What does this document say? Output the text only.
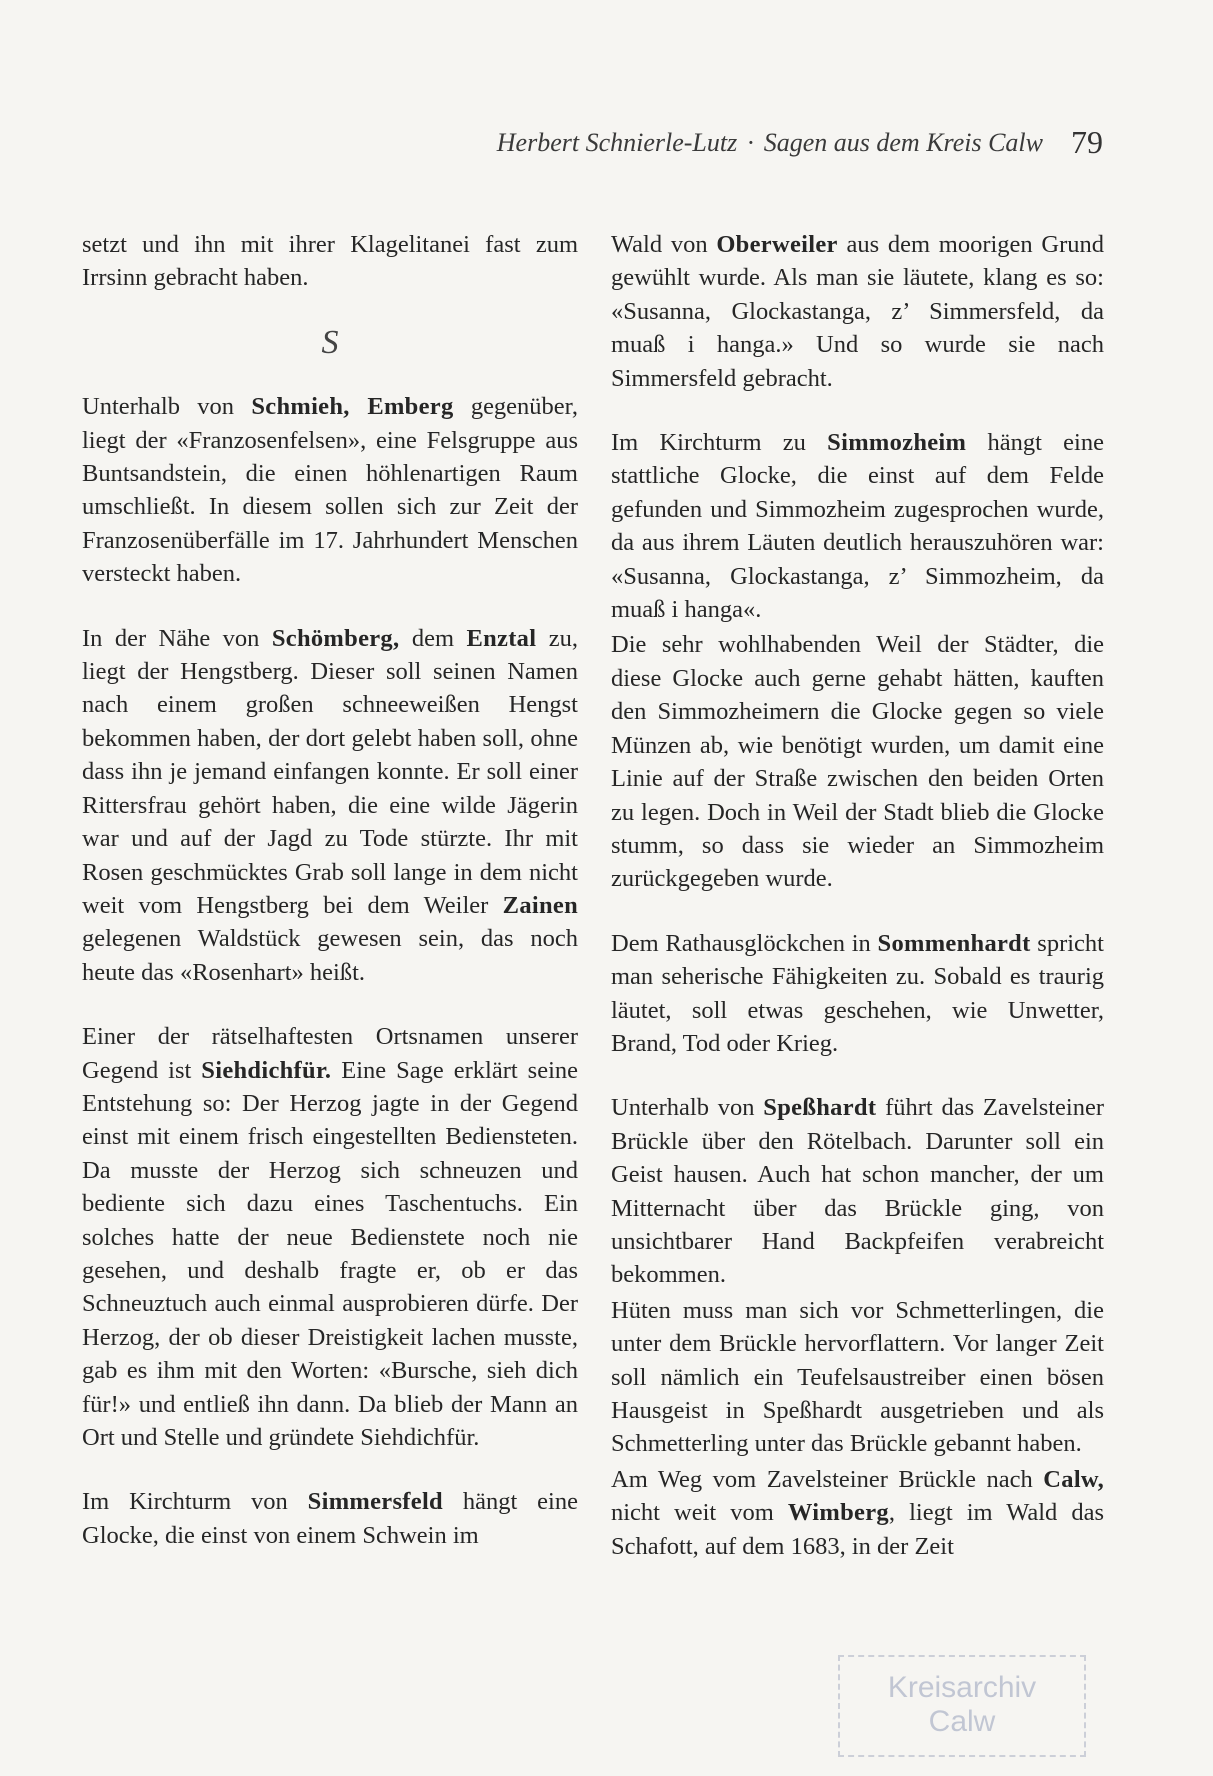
Herbert Schnierle-Lutz · Sagen aus dem Kreis Calw 79

setzt und ihn mit ihrer Klagelitanei fast zum Irrsinn gebracht haben.

S

Unterhalb von Schmieh, Emberg gegenüber, liegt der «Franzosenfelsen», eine Felsgruppe aus Buntsandstein, die einen höhlenartigen Raum umschließt. In diesem sollen sich zur Zeit der Franzosenüberfälle im 17. Jahrhundert Menschen versteckt haben.

In der Nähe von Schömberg, dem Enztal zu, liegt der Hengstberg. Dieser soll seinen Namen nach einem großen schneeweißen Hengst bekommen haben, der dort gelebt haben soll, ohne dass ihn je jemand einfangen konnte. Er soll einer Rittersfrau gehört haben, die eine wilde Jägerin war und auf der Jagd zu Tode stürzte. Ihr mit Rosen geschmücktes Grab soll lange in dem nicht weit vom Hengstberg bei dem Weiler Zainen gelegenen Waldstück gewesen sein, das noch heute das «Rosenhart» heißt.

Einer der rätselhaftesten Ortsnamen unserer Gegend ist Siehdichfür. Eine Sage erklärt seine Entstehung so: Der Herzog jagte in der Gegend einst mit einem frisch eingestellten Bediensteten. Da musste der Herzog sich schneuzen und bediente sich dazu eines Taschentuchs. Ein solches hatte der neue Bedienstete noch nie gesehen, und deshalb fragte er, ob er das Schneuztuch auch einmal ausprobieren dürfe. Der Herzog, der ob dieser Dreistigkeit lachen musste, gab es ihm mit den Worten: «Bursche, sieh dich für!» und entließ ihn dann. Da blieb der Mann an Ort und Stelle und gründete Siehdichfür.

Im Kirchturm von Simmersfeld hängt eine Glocke, die einst von einem Schwein im

Wald von Oberweiler aus dem moorigen Grund gewühlt wurde. Als man sie läutete, klang es so: «Susanna, Glockastanga, z’ Simmersfeld, da muaß i hanga.» Und so wurde sie nach Simmersfeld gebracht.

Im Kirchturm zu Simmozheim hängt eine stattliche Glocke, die einst auf dem Felde gefunden und Simmozheim zugesprochen wurde, da aus ihrem Läuten deutlich herauszuhören war: «Susanna, Glockastanga, z’ Simmozheim, da muaß i hanga«.

Die sehr wohlhabenden Weil der Städter, die diese Glocke auch gerne gehabt hätten, kauften den Simmozheimern die Glocke gegen so viele Münzen ab, wie benötigt wurden, um damit eine Linie auf der Straße zwischen den beiden Orten zu legen. Doch in Weil der Stadt blieb die Glocke stumm, so dass sie wieder an Simmozheim zurückgegeben wurde.

Dem Rathausglöckchen in Sommenhardt spricht man seherische Fähigkeiten zu. Sobald es traurig läutet, soll etwas geschehen, wie Unwetter, Brand, Tod oder Krieg.

Unterhalb von Speßhardt führt das Zavelsteiner Brückle über den Rötelbach. Darunter soll ein Geist hausen. Auch hat schon mancher, der um Mitternacht über das Brückle ging, von unsichtbarer Hand Backpfeifen verabreicht bekommen.

Hüten muss man sich vor Schmetterlingen, die unter dem Brückle hervorflattern. Vor langer Zeit soll nämlich ein Teufelsaustreiber einen bösen Hausgeist in Speßhardt ausgetrieben und als Schmetterling unter das Brückle gebannt haben.

Am Weg vom Zavelsteiner Brückle nach Calw, nicht weit vom Wimberg, liegt im Wald das Schafott, auf dem 1683, in der Zeit

Kreisarchiv
Calw
